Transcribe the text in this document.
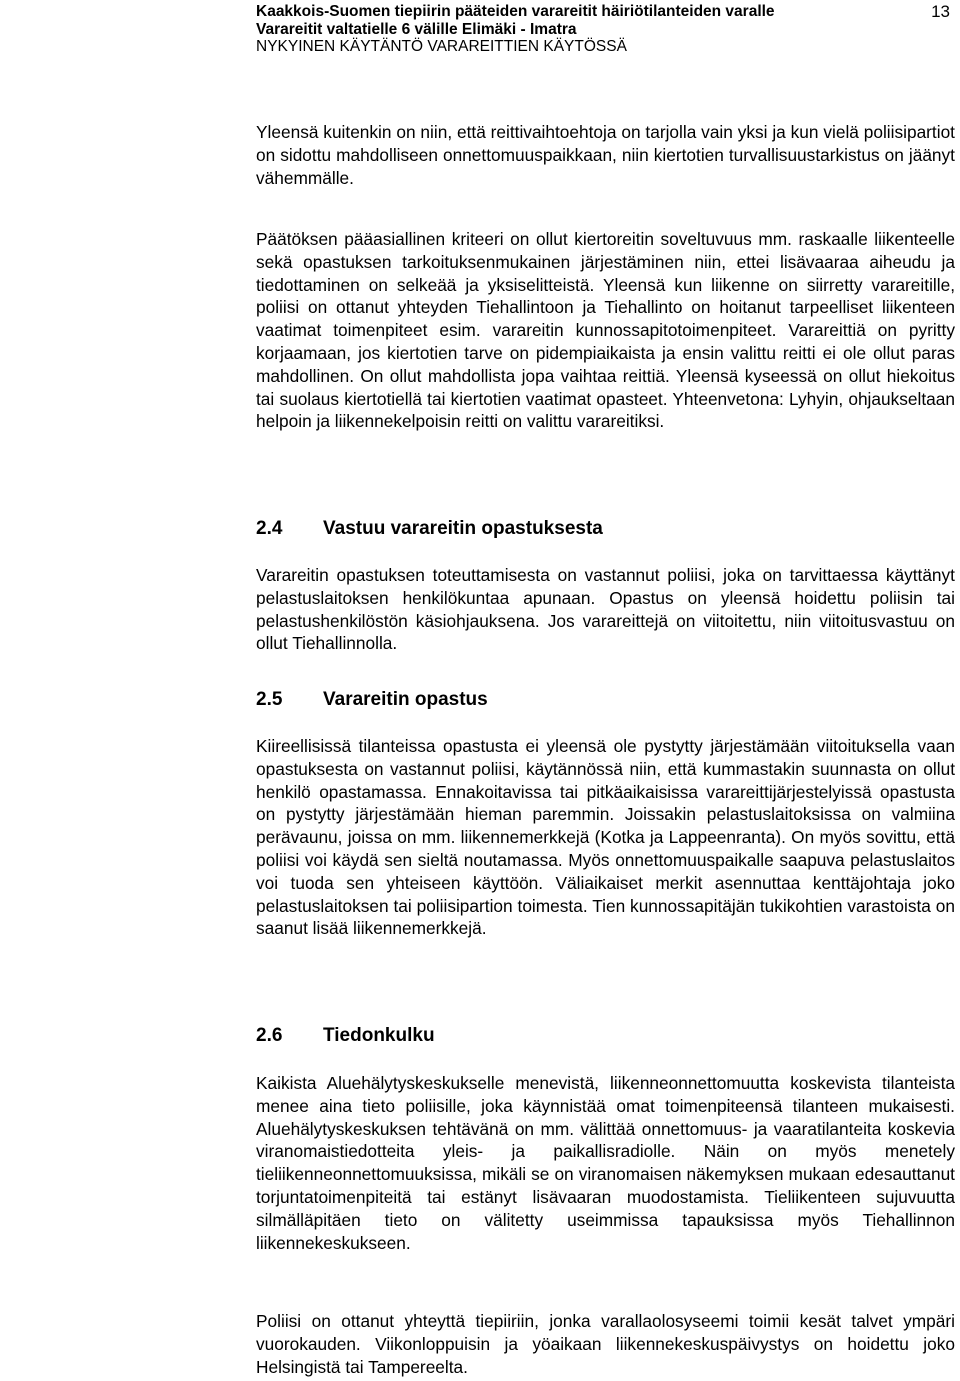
Kaakkois-Suomen tiepiirin pääteiden varareitit häiriötilanteiden varalle
Varareitit valtatielle 6 välille Elimäki - Imatra
NYKYINEN KÄYTÄNTÖ VARAREITTIEN KÄYTÖSSÄ
13

Yleensä kuitenkin on niin, että reittivaihtoehtoja on tarjolla vain yksi ja kun vielä poliisipartiot on sidottu mahdolliseen onnettomuuspaikkaan, niin kiertotien turvallisuustarkistus on jäänyt vähemmälle.

Päätöksen pääasiallinen kriteeri on ollut kiertoreitin soveltuvuus mm. raskaalle liikenteelle sekä opastuksen tarkoituksenmukainen järjestäminen niin, ettei lisävaaraa aiheudu ja tiedottaminen on selkeää ja yksiselitteistä. Yleensä kun liikenne on siirretty varareitille, poliisi on ottanut yhteyden Tiehallintoon ja Tiehallinto on hoitanut tarpeelliset liikenteen vaatimat toimenpiteet esim. varareitin kunnossapitotoimenpiteet. Varareittiä on pyritty korjaamaan, jos kiertotien tarve on pidempiaikaista ja ensin valittu reitti ei ole ollut paras mahdollinen. On ollut mahdollista jopa vaihtaa reittiä. Yleensä kyseessä on ollut hiekoitus tai suolaus kiertotiellä tai kiertotien vaatimat opasteet. Yhteenvetona: Lyhyin, ohjaukseltaan helpoin ja liikennekelpoisin reitti on valittu varareitiksi.

2.4 Vastuu varareitin opastuksesta

Varareitin opastuksen toteuttamisesta on vastannut poliisi, joka on tarvittaessa käyttänyt pelastuslaitoksen henkilökuntaa apunaan. Opastus on yleensä hoidettu poliisin tai pelastushenkilöstön käsiohjauksena. Jos varareittejä on viitoitettu, niin viitoitusvastuu on ollut Tiehallinnolla.

2.5 Varareitin opastus

Kiireellisissä tilanteissa opastusta ei yleensä ole pystytty järjestämään viitoituksella vaan opastuksesta on vastannut poliisi, käytännössä niin, että kummastakin suunnasta on ollut henkilö opastamassa. Ennakoitavissa tai pitkäaikaisissa varareittijärjestelyissä opastusta on pystytty järjestämään hieman paremmin. Joissakin pelastuslaitoksissa on valmiina perävaunu, joissa on mm. liikennemerkkejä (Kotka ja Lappeenranta). On myös sovittu, että poliisi voi käydä sen sieltä noutamassa. Myös onnettomuuspaikalle saapuva pelastuslaitos voi tuoda sen yhteiseen käyttöön. Väliaikaiset merkit asennuttaa kenttäjohtaja joko pelastuslaitoksen tai poliisipartion toimesta. Tien kunnossapitäjän tukikohtien varastoista on saanut lisää liikennemerkkejä.

2.6 Tiedonkulku

Kaikista Aluehälytyskeskukselle menevistä, liikenneonnettomuutta koskevista tilanteista menee aina tieto poliisille, joka käynnistää omat toimenpiteensä tilanteen mukaisesti. Aluehälytyskeskuksen tehtävänä on mm. välittää onnettomuus- ja vaaratilanteita koskevia viranomaistiedotteita yleis- ja paikallisradiolle. Näin on myös menetely tieliikenneonnettomuuksissa, mikäli se on viranomaisen näkemyksen mukaan edesauttanut torjuntatoimenpiteitä tai estänyt lisävaaran muodostamista. Tieliikenteen sujuvuutta silmälläpitäen tieto on välitetty useimmissa tapauksissa myös Tiehallinnon liikennekeskukseen.

Poliisi on ottanut yhteyttä tiepiiriin, jonka varallaolosyseemi toimii kesät talvet ympäri vuorokauden. Viikonloppuisin ja yöaikaan liikennekeskuspäivystys on hoidettu joko Helsingistä tai Tampereelta.
